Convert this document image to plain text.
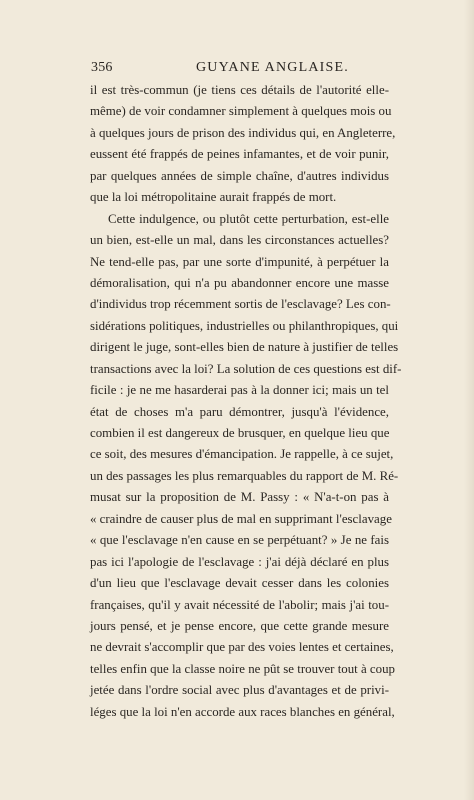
356	GUYANE ANGLAISE.
il est très-commun (je tiens ces détails de l'autorité elle-
même) de voir condamner simplement à quelques mois ou
à quelques jours de prison des individus qui, en Angleterre,
eussent été frappés de peines infamantes, et de voir punir,
par quelques années de simple chaîne, d'autres individus
que la loi métropolitaine aurait frappés de mort.
Cette indulgence, ou plutôt cette perturbation, est-elle
un bien, est-elle un mal, dans les circonstances actuelles?
Ne tend-elle pas, par une sorte d'impunité, à perpétuer la
démoralisation, qui n'a pu abandonner encore une masse
d'individus trop récemment sortis de l'esclavage? Les con-
sidérations politiques, industrielles ou philanthropiques, qui
dirigent le juge, sont-elles bien de nature à justifier de telles
transactions avec la loi? La solution de ces questions est dif-
ficile : je ne me hasarderai pas à la donner ici; mais un tel
état de choses m'a paru démontrer, jusqu'à l'évidence,
combien il est dangereux de brusquer, en quelque lieu que
ce soit, des mesures d'émancipation. Je rappelle, à ce sujet,
un des passages les plus remarquables du rapport de M. Ré-
musat sur la proposition de M. Passy : « N'a-t-on pas à
« craindre de causer plus de mal en supprimant l'esclavage
« que l'esclavage n'en cause en se perpétuant? » Je ne fais
pas ici l'apologie de l'esclavage : j'ai déjà déclaré en plus
d'un lieu que l'esclavage devait cesser dans les colonies
françaises, qu'il y avait nécessité de l'abolir; mais j'ai tou-
jours pensé, et je pense encore, que cette grande mesure
ne devrait s'accomplir que par des voies lentes et certaines,
telles enfin que la classe noire ne pût se trouver tout à coup
jetée dans l'ordre social avec plus d'avantages et de privi-
léges que la loi n'en accorde aux races blanches en général,
